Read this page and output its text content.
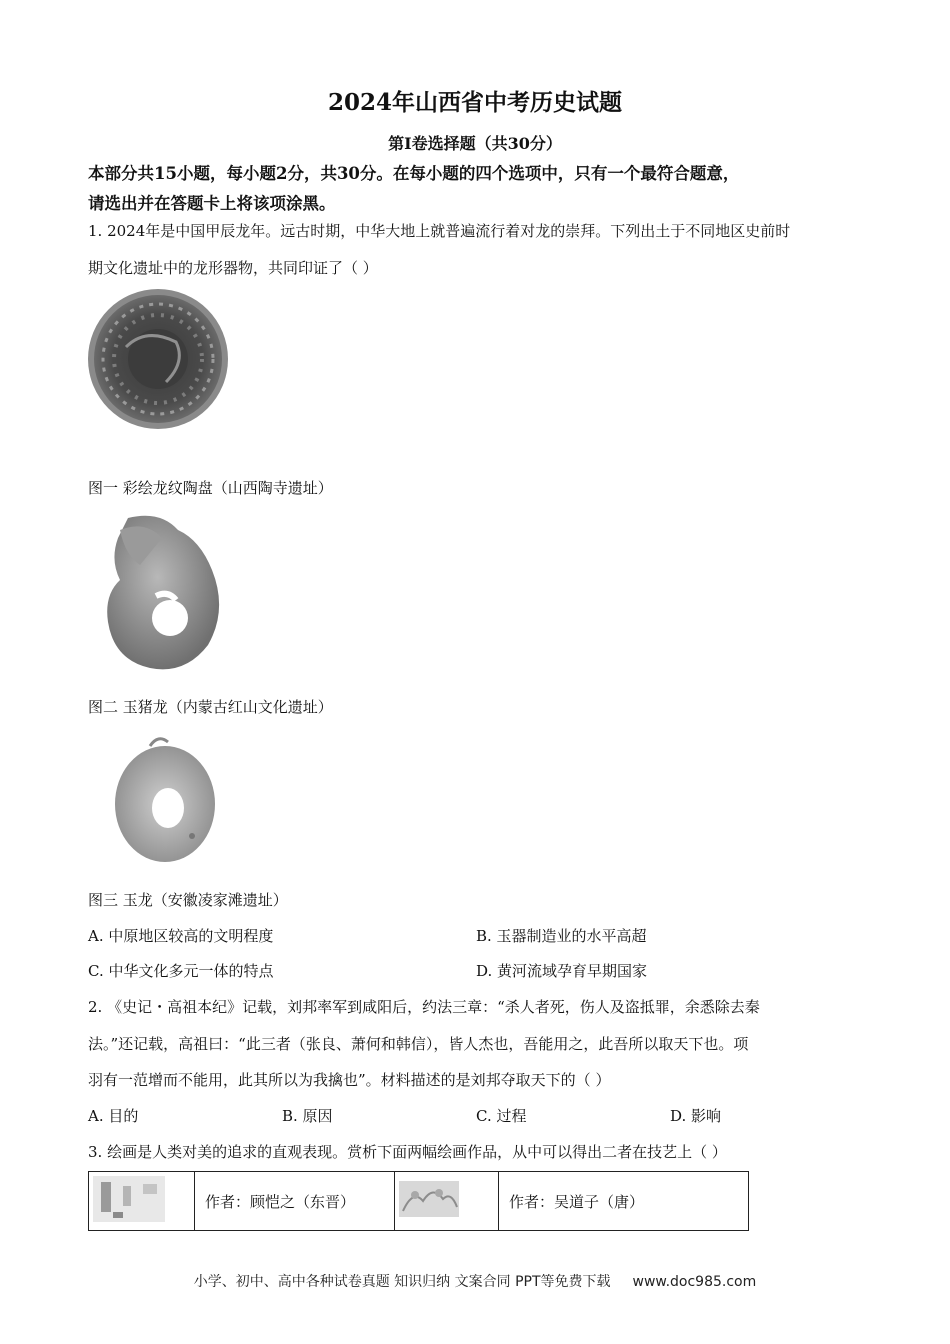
2024年山西省中考历史试题
第Ⅰ卷选择题（共30分）
本部分共15小题，每小题2分，共30分。在每小题的四个选项中，只有一个最符合题意，
请选出并在答题卡上将该项涂黑。
1. 2024年是中国甲辰龙年。远古时期，中华大地上就普遍流行着对龙的崇拜。下列出土于不同地区史前时
期文化遗址中的龙形器物，共同印证了（ ）
图一 彩绘龙纹陶盘（山西陶寺遗址）
图二 玉猪龙（内蒙古红山文化遗址）
图三 玉龙（安徽凌家滩遗址）
A. 中原地区较高的文明程度	B. 玉器制造业的水平高超
C. 中华文化多元一体的特点	D. 黄河流域孕育早期国家
2. 《史记・高祖本纪》记载，刘邦率军到咸阳后，约法三章：“杀人者死，伤人及盗抵罪，余悉除去秦
法。”还记载，高祖曰：“此三者（张良、萧何和韩信），皆人杰也，吾能用之，此吾所以取天下也。项
羽有一范增而不能用，此其所以为我擒也”。材料描述的是刘邦夺取天下的（ ）
A. 目的	B. 原因	C. 过程	D. 影响
3. 绘画是人类对美的追求的直观表现。赏析下面两幅绘画作品，从中可以得出二者在技艺上（ ）
	作者：顾恺之（东晋）		作者：吴道子（唐）
小学、初中、高中各种试卷真题 知识归纳 文案合同 PPT等免费下载 www.doc985.com
